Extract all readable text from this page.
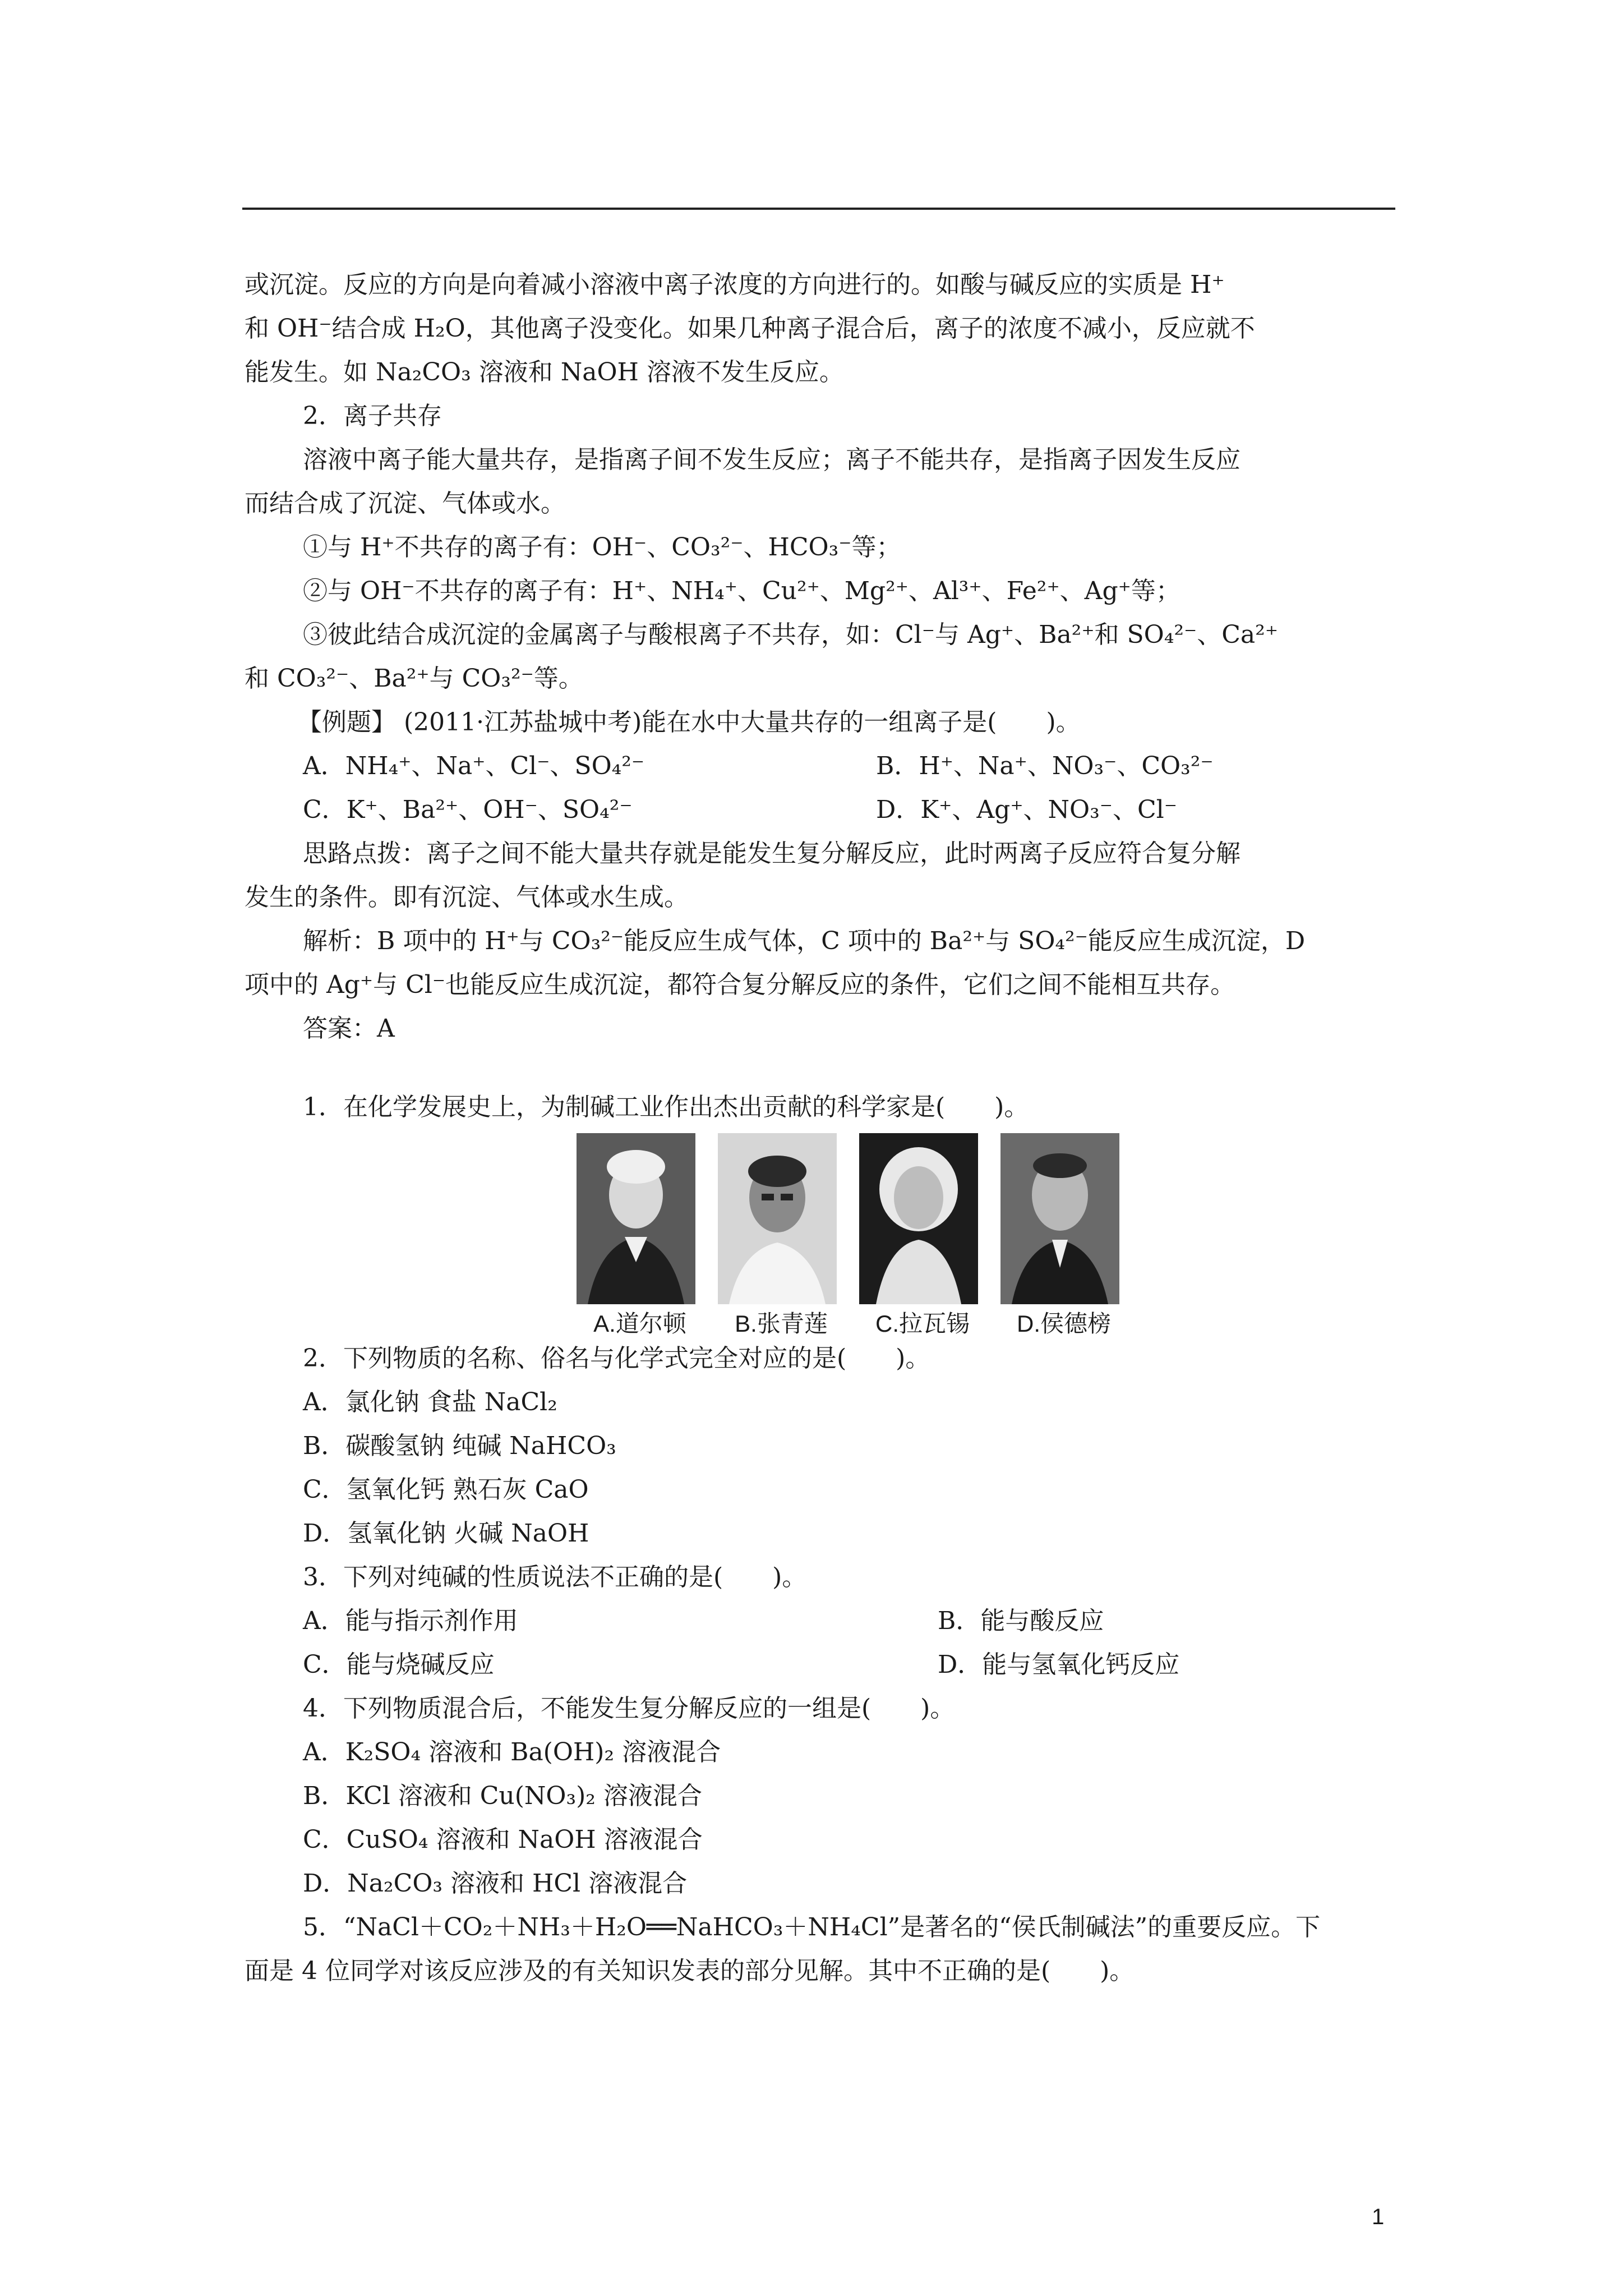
或沉淀。反应的方向是向着减小溶液中离子浓度的方向进行的。如酸与碱反应的实质是 H⁺
和 OH⁻结合成 H₂O，其他离子没变化。如果几种离子混合后，离子的浓度不减小，反应就不
能发生。如 Na₂CO₃ 溶液和 NaOH 溶液不发生反应。
2．离子共存
溶液中离子能大量共存，是指离子间不发生反应；离子不能共存，是指离子因发生反应
而结合成了沉淀、气体或水。
①与 H⁺不共存的离子有：OH⁻、CO₃²⁻、HCO₃⁻等；
②与 OH⁻不共存的离子有：H⁺、NH₄⁺、Cu²⁺、Mg²⁺、Al³⁺、Fe²⁺、Ag⁺等；
③彼此结合成沉淀的金属离子与酸根离子不共存，如：Cl⁻与 Ag⁺、Ba²⁺和 SO₄²⁻、Ca²⁺
和 CO₃²⁻、Ba²⁺与 CO₃²⁻等。
【例题】 (2011·江苏盐城中考)能在水中大量共存的一组离子是(　　)。
A．NH₄⁺、Na⁺、Cl⁻、SO₄²⁻	B．H⁺、Na⁺、NO₃⁻、CO₃²⁻
C．K⁺、Ba²⁺、OH⁻、SO₄²⁻	D．K⁺、Ag⁺、NO₃⁻、Cl⁻
思路点拨：离子之间不能大量共存就是能发生复分解反应，此时两离子反应符合复分解
发生的条件。即有沉淀、气体或水生成。
解析：B 项中的 H⁺与 CO₃²⁻能反应生成气体，C 项中的 Ba²⁺与 SO₄²⁻能反应生成沉淀，D
项中的 Ag⁺与 Cl⁻也能反应生成沉淀，都符合复分解反应的条件，它们之间不能相互共存。
答案：A
1．在化学发展史上，为制碱工业作出杰出贡献的科学家是(　　)。
A.道尔顿	B.张青莲	C.拉瓦锡	D.侯德榜
2．下列物质的名称、俗名与化学式完全对应的是(　　)。
A．氯化钠 食盐 NaCl₂
B．碳酸氢钠 纯碱 NaHCO₃
C．氢氧化钙 熟石灰 CaO
D．氢氧化钠 火碱 NaOH
3．下列对纯碱的性质说法不正确的是(　　)。
A．能与指示剂作用	B．能与酸反应
C．能与烧碱反应	D．能与氢氧化钙反应
4．下列物质混合后，不能发生复分解反应的一组是(　　)。
A．K₂SO₄ 溶液和 Ba(OH)₂ 溶液混合
B．KCl 溶液和 Cu(NO₃)₂ 溶液混合
C．CuSO₄ 溶液和 NaOH 溶液混合
D．Na₂CO₃ 溶液和 HCl 溶液混合
5．“NaCl＋CO₂＋NH₃＋H₂O══NaHCO₃＋NH₄Cl”是著名的“侯氏制碱法”的重要反应。下
面是 4 位同学对该反应涉及的有关知识发表的部分见解。其中不正确的是(　　)。
1
